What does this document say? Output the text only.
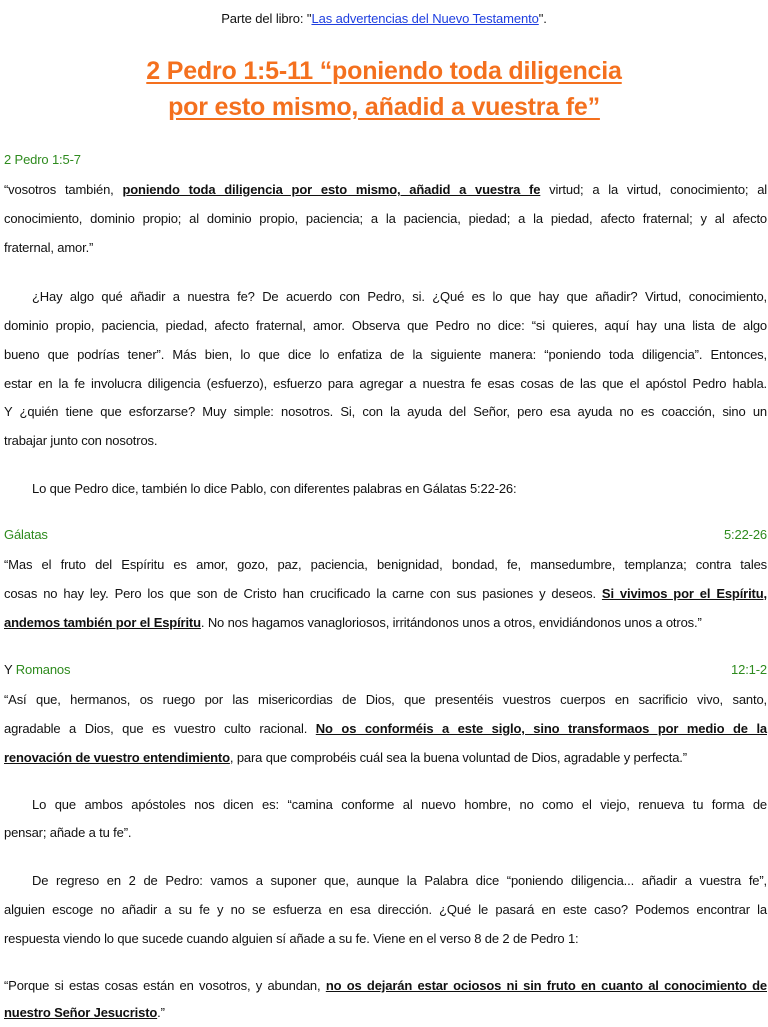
Parte del libro: "Las advertencias del Nuevo Testamento".
2 Pedro 1:5-11 “poniendo toda diligencia
por esto mismo, añadid a vuestra fe”
2 Pedro 1:5-7
“vosotros también, poniendo toda diligencia por esto mismo, añadid a vuestra fe virtud; a la virtud, conocimiento; al
conocimiento, dominio propio; al dominio propio, paciencia; a la paciencia, piedad; a la piedad, afecto fraternal; y al afecto
fraternal, amor.”
¿Hay algo qué añadir a nuestra fe? De acuerdo con Pedro, si. ¿Qué es lo que hay que añadir? Virtud, conocimiento,
dominio propio, paciencia, piedad, afecto fraternal, amor. Observa que Pedro no dice: “si quieres, aquí hay una lista de algo
bueno que podrías tener”. Más bien, lo que dice lo enfatiza de la siguiente manera: “poniendo toda diligencia”. Entonces,
estar en la fe involucra diligencia (esfuerzo), esfuerzo para agregar a nuestra fe esas cosas de las que el apóstol Pedro habla.
Y ¿quién tiene que esforzarse? Muy simple: nosotros. Si, con la ayuda del Señor, pero esa ayuda no es coacción, sino un
trabajar junto con nosotros.
Lo que Pedro dice, también lo dice Pablo, con diferentes palabras en Gálatas 5:22-26:
Gálatas	5:22-26
“Mas el fruto del Espíritu es amor, gozo, paz, paciencia, benignidad, bondad, fe, mansedumbre, templanza; contra tales
cosas no hay ley. Pero los que son de Cristo han crucificado la carne con sus pasiones y deseos. Si vivimos por el Espíritu,
andemos también por el Espíritu. No nos hagamos vanagloriosos, irritándonos unos a otros, envidiándonos unos a otros.”
Y Romanos	12:1-2
“Así que, hermanos, os ruego por las misericordias de Dios, que presentéis vuestros cuerpos en sacrificio vivo, santo,
agradable a Dios, que es vuestro culto racional. No os conforméis a este siglo, sino transformaos por medio de la
renovación de vuestro entendimiento, para que comprobéis cuál sea la buena voluntad de Dios, agradable y perfecta.”
Lo que ambos apóstoles nos dicen es: “camina conforme al nuevo hombre, no como el viejo, renueva tu forma de
pensar; añade a tu fe”.
De regreso en 2 de Pedro: vamos a suponer que, aunque la Palabra dice “poniendo diligencia... añadir a vuestra fe”,
alguien escoge no añadir a su fe y no se esfuerza en esa dirección. ¿Qué le pasará en este caso? Podemos encontrar la
respuesta viendo lo que sucede cuando alguien sí añade a su fe. Viene en el verso 8 de 2 de Pedro 1:
“Porque si estas cosas están en vosotros, y abundan, no os dejarán estar ociosos ni sin fruto en cuanto al conocimiento de
nuestro Señor Jesucristo.”
